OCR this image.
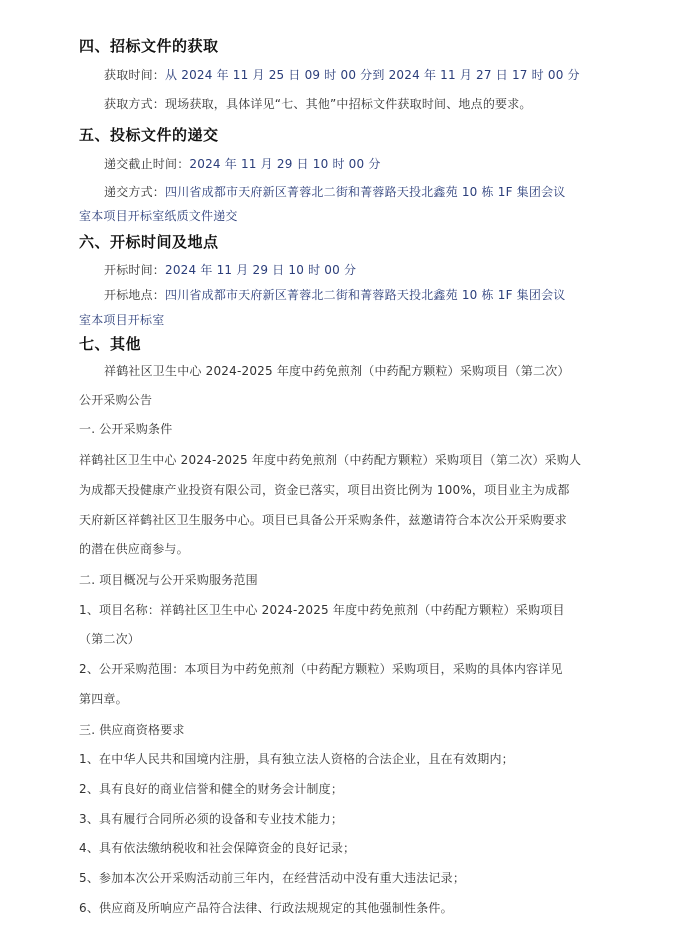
四、招标文件的获取
获取时间：从 2024 年 11 月 25 日 09 时 00 分到 2024 年 11 月 27 日 17 时 00 分
获取方式：现场获取，具体详见“七、其他”中招标文件获取时间、地点的要求。
五、投标文件的递交
递交截止时间：2024 年 11 月 29 日 10 时 00 分
递交方式：四川省成都市天府新区菁蓉北二街和菁蓉路天投北鑫苑 10 栋 1F 集团会议
室本项目开标室纸质文件递交
六、开标时间及地点
开标时间：2024 年 11 月 29 日 10 时 00 分
开标地点：四川省成都市天府新区菁蓉北二街和菁蓉路天投北鑫苑 10 栋 1F 集团会议
室本项目开标室
七、其他
祥鹤社区卫生中心 2024-2025 年度中药免煎剂（中药配方颗粒）采购项目（第二次）
公开采购公告
一. 公开采购条件
祥鹤社区卫生中心 2024-2025 年度中药免煎剂（中药配方颗粒）采购项目（第二次）采购人
为成都天投健康产业投资有限公司，资金已落实，项目出资比例为 100%，项目业主为成都
天府新区祥鹤社区卫生服务中心。项目已具备公开采购条件，兹邀请符合本次公开采购要求
的潜在供应商参与。
二. 项目概况与公开采购服务范围
1、项目名称：祥鹤社区卫生中心 2024-2025 年度中药免煎剂（中药配方颗粒）采购项目
（第二次）
2、公开采购范围：本项目为中药免煎剂（中药配方颗粒）采购项目，采购的具体内容详见
第四章。
三. 供应商资格要求
1、在中华人民共和国境内注册，具有独立法人资格的合法企业，且在有效期内；
2、具有良好的商业信誉和健全的财务会计制度；
3、具有履行合同所必须的设备和专业技术能力；
4、具有依法缴纳税收和社会保障资金的良好记录；
5、参加本次公开采购活动前三年内，在经营活动中没有重大违法记录；
6、供应商及所响应产品符合法律、行政法规规定的其他强制性条件。
